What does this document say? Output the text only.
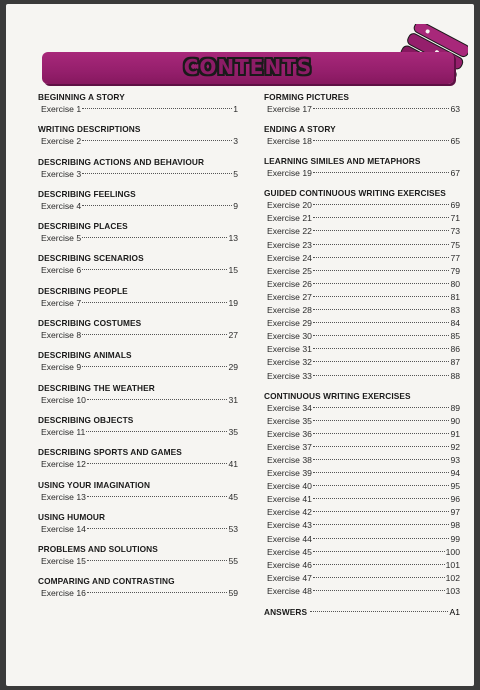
CONTENTS
BEGINNING A STORY
Exercise 1	1
WRITING DESCRIPTIONS
Exercise 2	3
DESCRIBING ACTIONS AND BEHAVIOUR
Exercise 3	5
DESCRIBING FEELINGS
Exercise 4	9
DESCRIBING PLACES
Exercise 5	13
DESCRIBING SCENARIOS
Exercise 6	15
DESCRIBING PEOPLE
Exercise 7	19
DESCRIBING COSTUMES
Exercise 8	27
DESCRIBING ANIMALS
Exercise 9	29
DESCRIBING THE WEATHER
Exercise 10	31
DESCRIBING OBJECTS
Exercise 11	35
DESCRIBING SPORTS AND GAMES
Exercise 12	41
USING YOUR IMAGINATION
Exercise 13	45
USING HUMOUR
Exercise 14	53
PROBLEMS AND SOLUTIONS
Exercise 15	55
COMPARING AND CONTRASTING
Exercise 16	59
FORMING PICTURES
Exercise 17	63
ENDING A STORY
Exercise 18	65
LEARNING SIMILES AND METAPHORS
Exercise 19	67
GUIDED CONTINUOUS WRITING EXERCISES
Exercise 20	69
Exercise 21	71
Exercise 22	73
Exercise 23	75
Exercise 24	77
Exercise 25	79
Exercise 26	80
Exercise 27	81
Exercise 28	83
Exercise 29	84
Exercise 30	85
Exercise 31	86
Exercise 32	87
Exercise 33	88
CONTINUOUS WRITING EXERCISES
Exercise 34	89
Exercise 35	90
Exercise 36	91
Exercise 37	92
Exercise 38	93
Exercise 39	94
Exercise 40	95
Exercise 41	96
Exercise 42	97
Exercise 43	98
Exercise 44	99
Exercise 45	100
Exercise 46	101
Exercise 47	102
Exercise 48	103
ANSWERS	A1
